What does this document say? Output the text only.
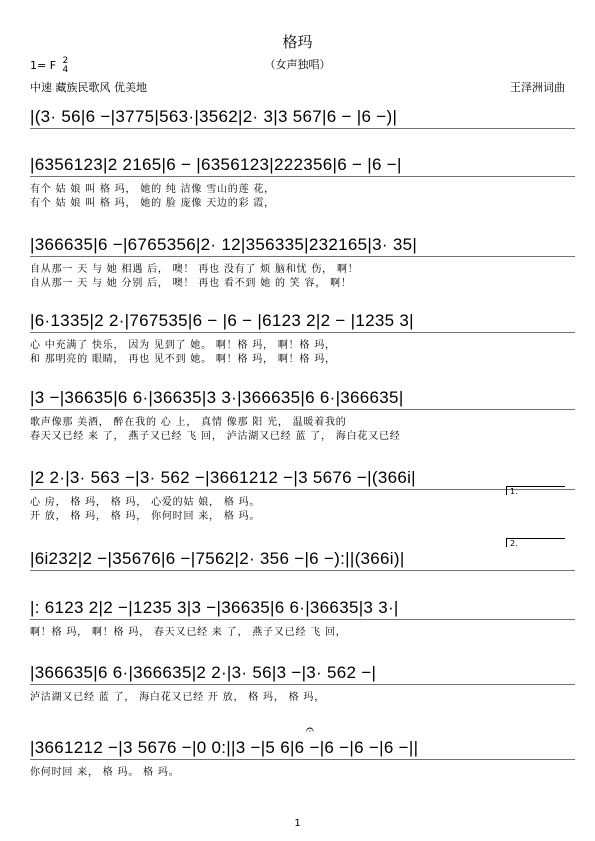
格玛
（女声独唱）
1= F 2
4
中速 藏族民歌风 优美地	王泽洲词曲
|(3· 56|6 −|3775|563·|3562|2· 3|3 567|6 − |6 −)|
|6356123|2 2165|6 − |6356123|222356|6 − |6 −|
有个 姑 娘 叫 格 玛， 她的 纯 洁像 雪山的莲 花，
有个 姑 娘 叫 格 玛， 她的 脸 庞像 天边的彩 霞，
|366635|6 −|6765356|2· 12|356335|232165|3· 35|
自从那一 天 与 她 相遇 后， 噢！ 再也 没有了 烦 脑和忧 伤， 啊！
自从那一 天 与 她 分别 后， 噢！ 再也 看不到 她 的 笑 容， 啊！
|6·1335|2 2·|767535|6 − |6 − |6123 2|2 − |1235 3|
心 中充满了 快乐， 因为 见到了 她。 啊！格 玛， 啊！格 玛，
和 那明亮的 眼睛， 再也 见不到 她。 啊！格 玛， 啊！格 玛，
|3 −|36635|6 6·|36635|3 3·|366635|6 6·|366635|
歌声像那 美酒， 醉在我的 心 上， 真情 像那 阳 光， 温暖着我的
春天又已经 来 了， 燕子又已经 飞 回， 泸沽湖又已经 蓝 了， 海白花又已经
|2 2·|3· 563 −|3· 562 −|3661212 −|3 5676 −|(366i|
心 房， 格 玛， 格 玛， 心爱的姑 娘， 格 玛。
开 放， 格 玛， 格 玛， 你何时回 来， 格 玛。
|6i232|2 −|35676|6 −|7562|2· 356 −|6 −):||(366i)|
|: 6123 2|2 −|1235 3|3 −|36635|6 6·|36635|3 3·|
啊！格 玛， 啊！格 玛， 春天又已经 来 了， 燕子又已经 飞 回，
|366635|6 6·|366635|2 2·|3· 56|3 −|3· 562 −|
泸沽湖又已经 蓝 了， 海白花又已经 开 放， 格 玛， 格 玛，
|3661212 −|3 5676 −|0 0:||3 −|5 6|6 −|6 −|6 −|6 −||
你何时回 来， 格 玛。 格 玛。
1.
2.
𝄐
1
